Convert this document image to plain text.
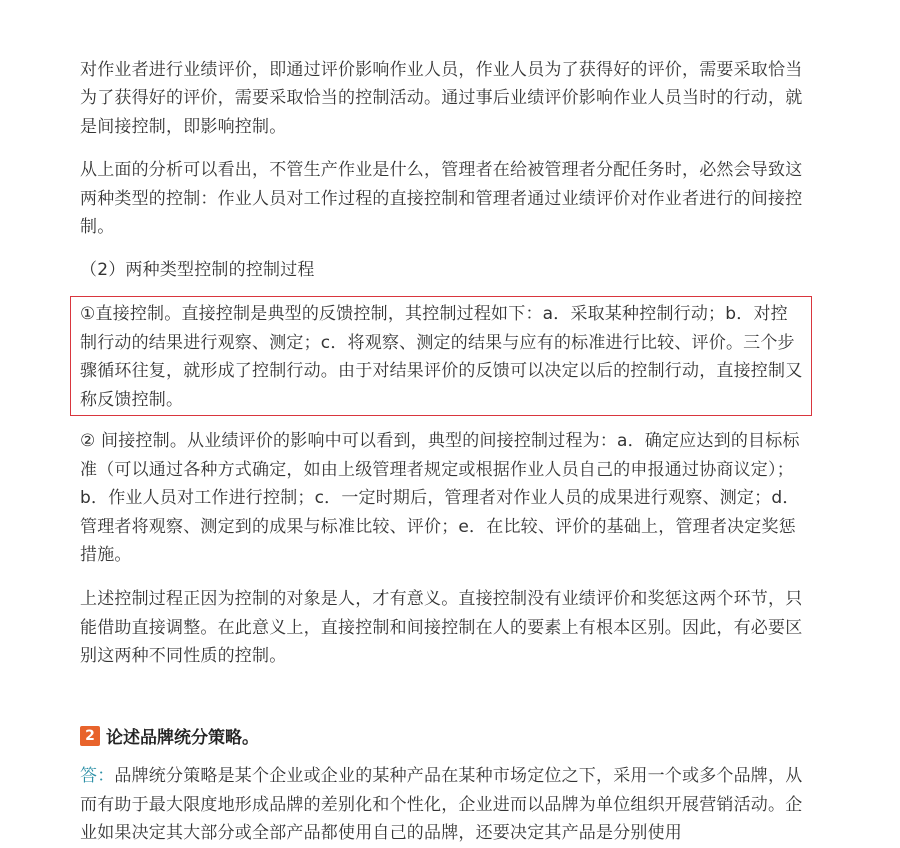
对作业者进行业绩评价，即通过评价影响作业人员，作业人员为了获得好的评价，需要采取恰当

为了获得好的评价，需要采取恰当的控制活动。通过事后业绩评价影响作业人员当时的行动，就是间接控制，即影响控制。

从上面的分析可以看出，不管生产作业是什么，管理者在给被管理者分配任务时，必然会导致这两种类型的控制：作业人员对工作过程的直接控制和管理者通过业绩评价对作业者进行的间接控制。

（2）两种类型控制的控制过程

①直接控制。直接控制是典型的反馈控制，其控制过程如下：a．采取某种控制行动；b．对控制行动的结果进行观察、测定；c．将观察、测定的结果与应有的标准进行比较、评价。三个步骤循环往复，就形成了控制行动。由于对结果评价的反馈可以决定以后的控制行动，直接控制又称反馈控制。

② 间接控制。从业绩评价的影响中可以看到，典型的间接控制过程为：a．确定应达到的目标标准（可以通过各种方式确定，如由上级管理者规定或根据作业人员自己的申报通过协商议定）；b．作业人员对工作进行控制；c．一定时期后，管理者对作业人员的成果进行观察、测定；d．管理者将观察、测定到的成果与标准比较、评价；e．在比较、评价的基础上，管理者决定奖惩措施。

上述控制过程正因为控制的对象是人，才有意义。直接控制没有业绩评价和奖惩这两个环节，只能借助直接调整。在此意义上，直接控制和间接控制在人的要素上有根本区别。因此，有必要区别这两种不同性质的控制。

2 论述品牌统分策略。

答：品牌统分策略是某个企业或企业的某种产品在某种市场定位之下，采用一个或多个品牌，从而有助于最大限度地形成品牌的差别化和个性化，企业进而以品牌为单位组织开展营销活动。企业如果决定其大部分或全部产品都使用自己的品牌，还要决定其产品是分别使用
